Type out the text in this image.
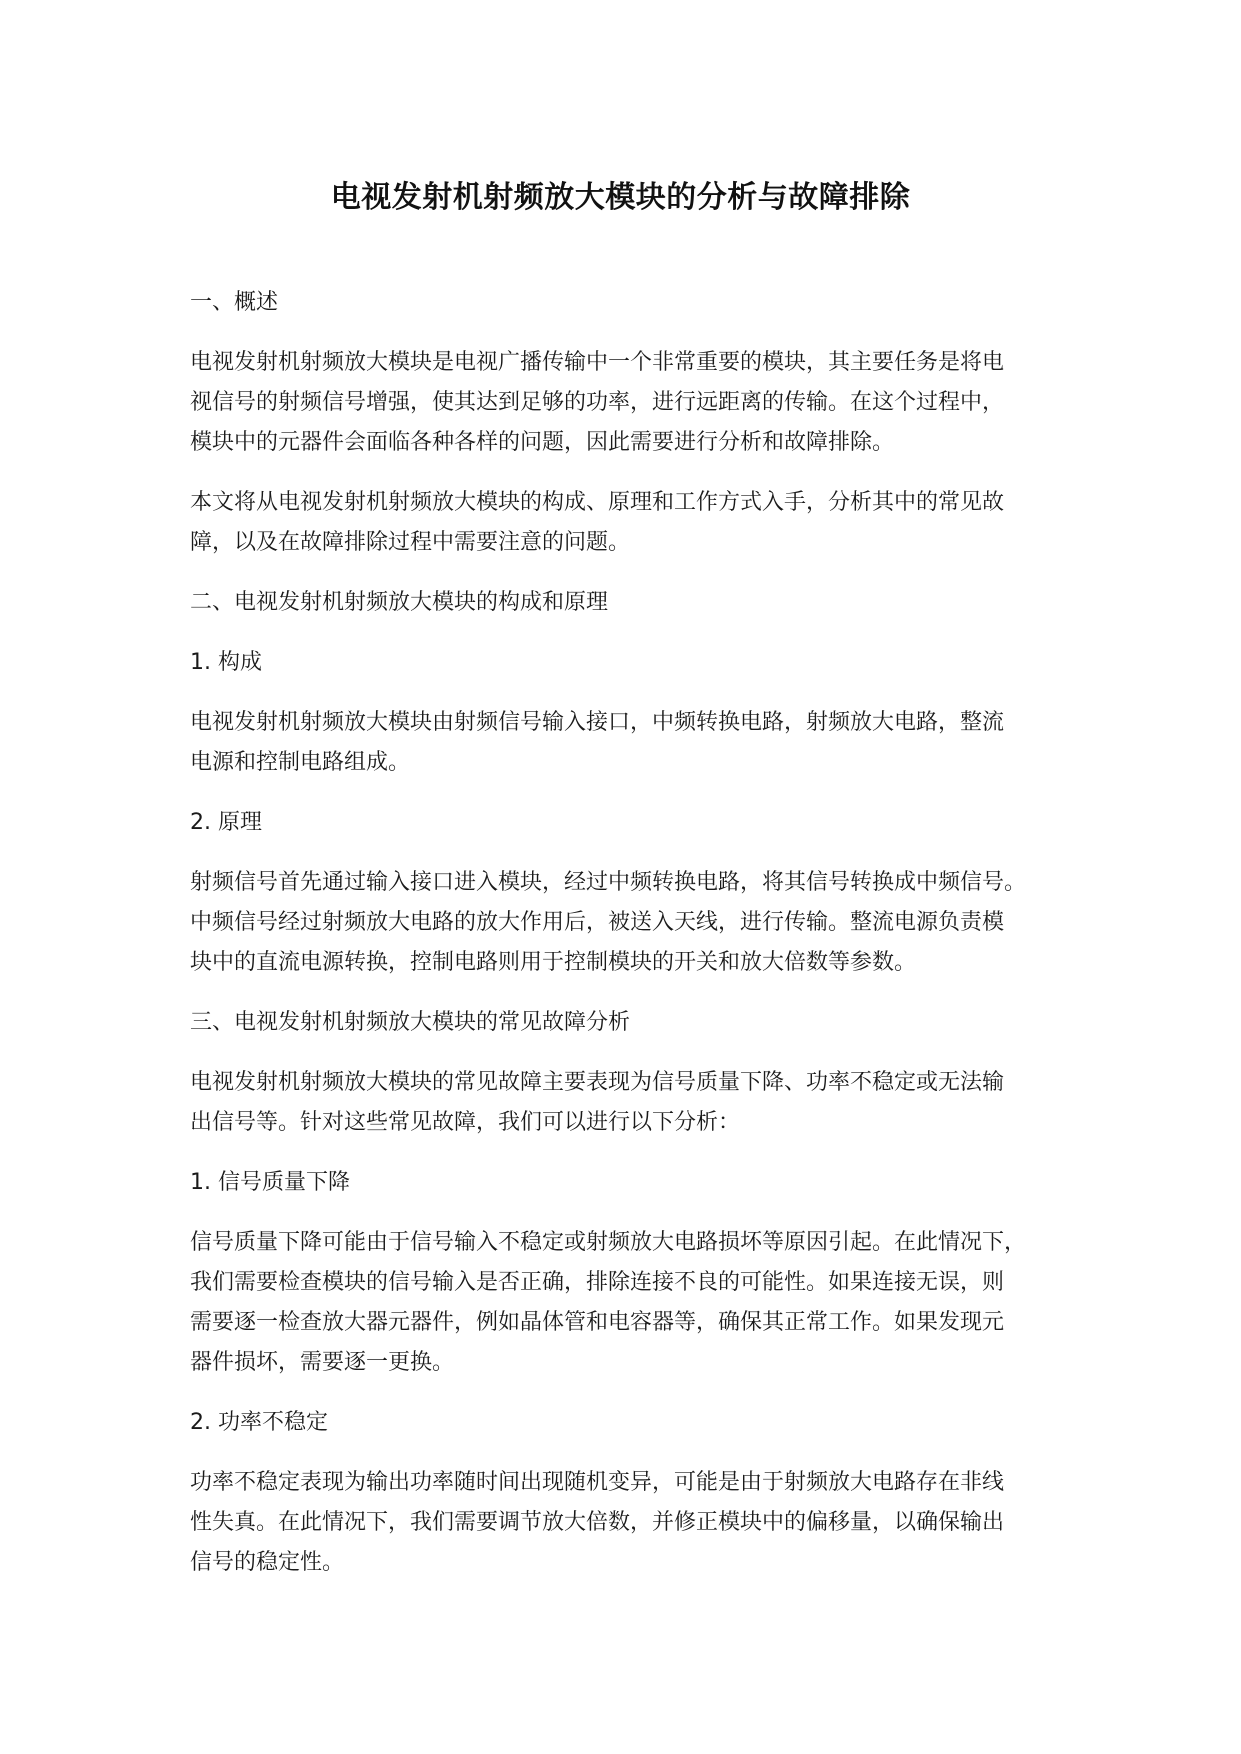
电视发射机射频放大模块的分析与故障排除

一、概述

电视发射机射频放大模块是电视广播传输中一个非常重要的模块，其主要任务是将电
视信号的射频信号增强，使其达到足够的功率，进行远距离的传输。在这个过程中，
模块中的元器件会面临各种各样的问题，因此需要进行分析和故障排除。

本文将从电视发射机射频放大模块的构成、原理和工作方式入手，分析其中的常见故
障，以及在故障排除过程中需要注意的问题。

二、电视发射机射频放大模块的构成和原理

1. 构成

电视发射机射频放大模块由射频信号输入接口，中频转换电路，射频放大电路，整流
电源和控制电路组成。

2. 原理

射频信号首先通过输入接口进入模块，经过中频转换电路，将其信号转换成中频信号。
中频信号经过射频放大电路的放大作用后，被送入天线，进行传输。整流电源负责模
块中的直流电源转换，控制电路则用于控制模块的开关和放大倍数等参数。

三、电视发射机射频放大模块的常见故障分析

电视发射机射频放大模块的常见故障主要表现为信号质量下降、功率不稳定或无法输
出信号等。针对这些常见故障，我们可以进行以下分析：

1. 信号质量下降

信号质量下降可能由于信号输入不稳定或射频放大电路损坏等原因引起。在此情况下，
我们需要检查模块的信号输入是否正确，排除连接不良的可能性。如果连接无误，则
需要逐一检查放大器元器件，例如晶体管和电容器等，确保其正常工作。如果发现元
器件损坏，需要逐一更换。

2. 功率不稳定

功率不稳定表现为输出功率随时间出现随机变异，可能是由于射频放大电路存在非线
性失真。在此情况下，我们需要调节放大倍数，并修正模块中的偏移量，以确保输出
信号的稳定性。
